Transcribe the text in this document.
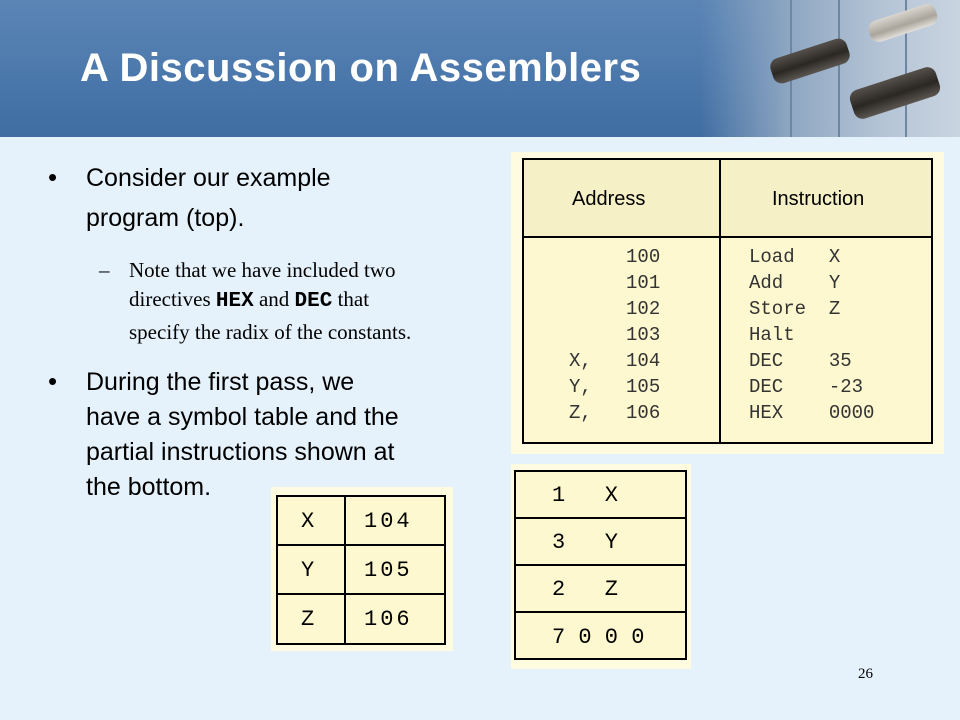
A Discussion on Assemblers
• Consider our example

program (top).

– Note that we have included two

directives HEX and DEC that

specify the radix of the constants.

• During the first pass, we

have a symbol table and the

partial instructions shown at

the bottom.

Address	Instruction
100
101
102
103
X,   104
Y,   105
Z,   106
Load   X
Add    Y
Store  Z
Halt
DEC    35
DEC    -23
HEX    0000
X 104
Y 105
Z 106
1   X
3   Y
2   Z
7 0 0 0
26
